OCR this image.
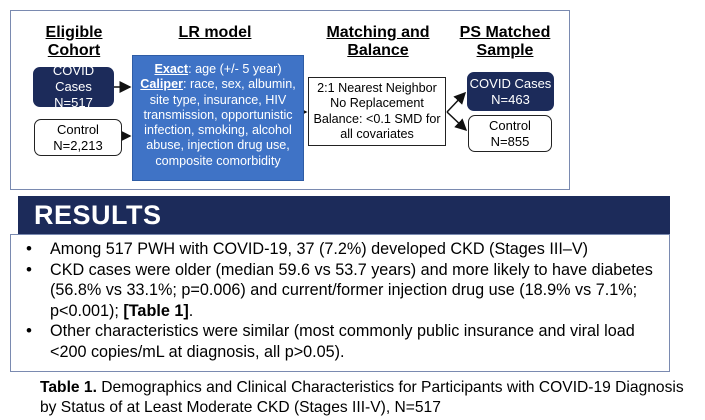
Eligible Cohort
LR model	Matching and Balance
PS Matched Sample
COVID Cases
N=517
Control
N=2,213
Exact: age (+/- 5 year)
Caliper: race, sex, albumin, site type, insurance, HIV transmission, opportunistic infection, smoking, alcohol abuse, injection drug use, composite comorbidity
2:1 Nearest Neighbor
No Replacement
Balance: <0.1 SMD for all covariates
COVID Cases
N=463
Control
N=855
RESULTS
• Among 517 PWH with COVID-19, 37 (7.2%) developed CKD (Stages III–V)
• CKD cases were older (median 59.6 vs 53.7 years) and more likely to have diabetes (56.8% vs 33.1%; p=0.006) and current/former injection drug use (18.9% vs 7.1%; p<0.001); [Table 1].
• Other characteristics were similar (most commonly public insurance and viral load <200 copies/mL at diagnosis, all p>0.05).
Table 1. Demographics and Clinical Characteristics for Participants with COVID-19 Diagnosis by Status of at Least Moderate CKD (Stages III-V), N=517
